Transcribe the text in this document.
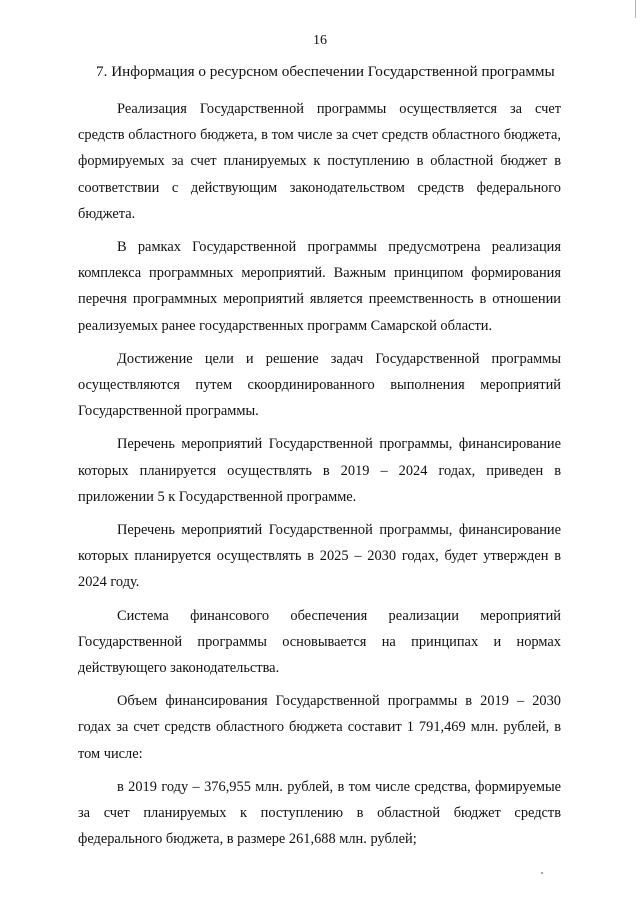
16
7. Информация о ресурсном обеспечении Государственной программы

Реализация Государственной программы осуществляется за счет средств областного бюджета, в том числе за счет средств областного бюджета, формируемых за счет планируемых к поступлению в областной бюджет в соответствии с действующим законодательством средств федерального бюджета.

В рамках Государственной программы предусмотрена реализация комплекса программных мероприятий. Важным принципом формирования перечня программных мероприятий является преемственность в отношении реализуемых ранее государственных программ Самарской области.

Достижение цели и решение задач Государственной программы осуществляются путем скоординированного выполнения мероприятий Государственной программы.

Перечень мероприятий Государственной программы, финансирование которых планируется осуществлять в 2019 – 2024 годах, приведен в приложении 5 к Государственной программе.

Перечень мероприятий Государственной программы, финансирование которых планируется осуществлять в 2025 – 2030 годах, будет утвержден в 2024 году.

Система финансового обеспечения реализации мероприятий Государственной программы основывается на принципах и нормах действующего законодательства.

Объем финансирования Государственной программы в 2019 – 2030 годах за счет средств областного бюджета составит 1 791,469 млн. рублей, в том числе:

в 2019 году – 376,955 млн. рублей, в том числе средства, формируемые за счет планируемых к поступлению в областной бюджет средств федерального бюджета, в размере 261,688 млн. рублей;
